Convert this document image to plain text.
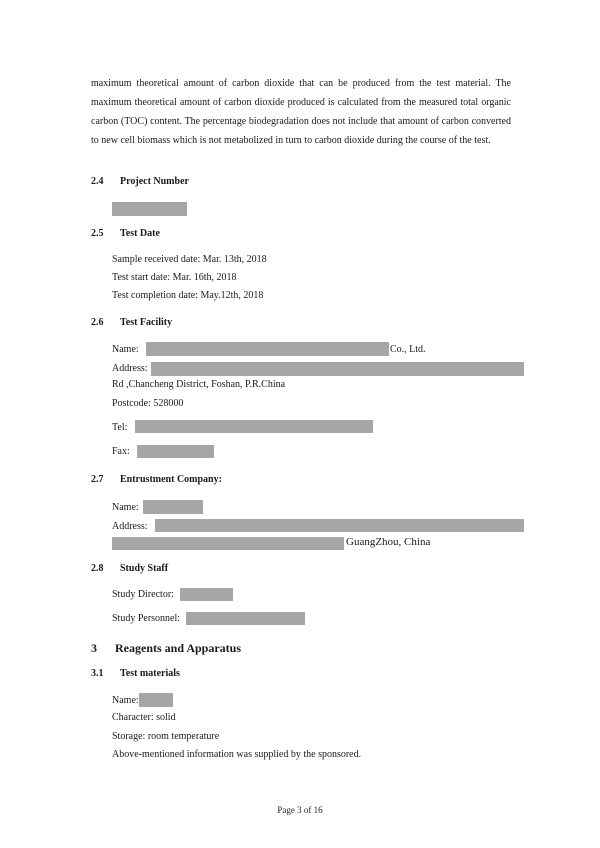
maximum theoretical amount of carbon dioxide that can be produced from the test material. The maximum theoretical amount of carbon dioxide produced is calculated from the measured total organic carbon (TOC) content. The percentage biodegradation does not include that amount of carbon converted to new cell biomass which is not metabolized in turn to carbon dioxide during the course of the test.
2.4 Project Number
2.5 Test Date
Sample received date: Mar. 13th, 2018
Test start date: Mar. 16th, 2018
Test completion date: May.12th, 2018
2.6 Test Facility
Name:	Co., Ltd.
Address:
Rd ,Chancheng District, Foshan, P.R.China
Postcode: 528000
Tel:
Fax:
2.7 Entrustment Company:
Name:
Address:
GuangZhou, China
2.8 Study Staff
Study Director:
Study Personnel:
3 Reagents and Apparatus
3.1 Test materials
Name:
Character: solid
Storage: room temperature
Above-mentioned information was supplied by the sponsored.
Page 3 of 16
